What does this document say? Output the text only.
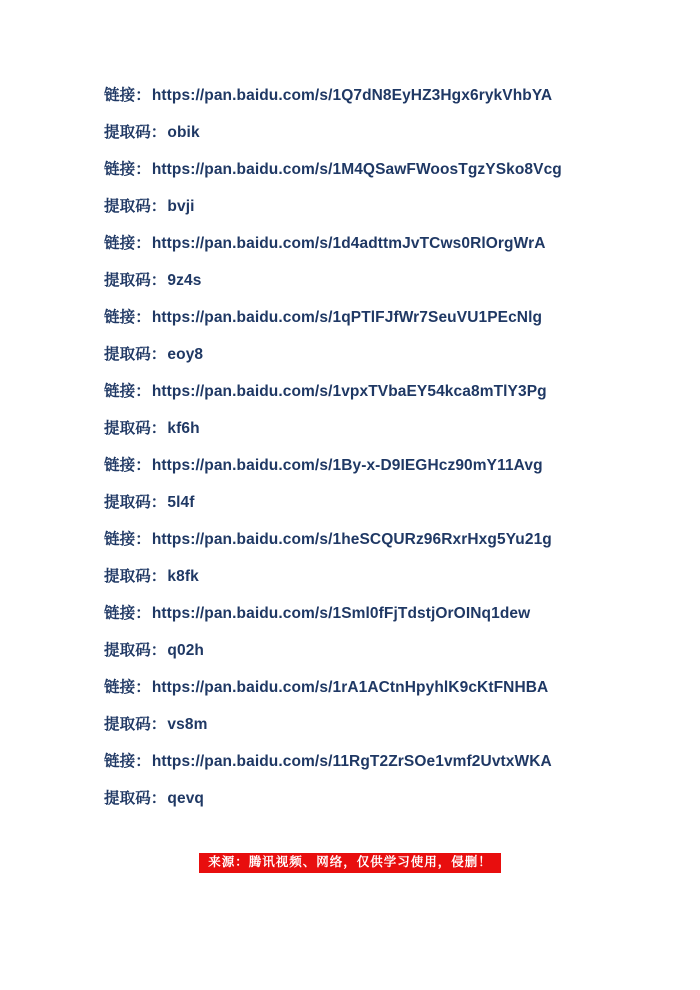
链接：https://pan.baidu.com/s/1Q7dN8EyHZ3Hgx6rykVhbYA

提取码：obik

链接：https://pan.baidu.com/s/1M4QSawFWoosTgzYSko8Vcg

提取码：bvji

链接：https://pan.baidu.com/s/1d4adttmJvTCws0RlOrgWrA

提取码：9z4s

链接：https://pan.baidu.com/s/1qPTlFJfWr7SeuVU1PEcNlg

提取码：eoy8

链接：https://pan.baidu.com/s/1vpxTVbaEY54kca8mTlY3Pg

提取码：kf6h

链接：https://pan.baidu.com/s/1By-x-D9IEGHcz90mY11Avg

提取码：5l4f

链接：https://pan.baidu.com/s/1heSCQURz96RxrHxg5Yu21g

提取码：k8fk

链接：https://pan.baidu.com/s/1Sml0fFjTdstjOrOINq1dew

提取码：q02h

链接：https://pan.baidu.com/s/1rA1ACtnHpyhlK9cKtFNHBA

提取码：vs8m

链接：https://pan.baidu.com/s/11RgT2ZrSOe1vmf2UvtxWKA

提取码：qevq

来源：腾讯视频、网络，仅供学习使用，侵删！
